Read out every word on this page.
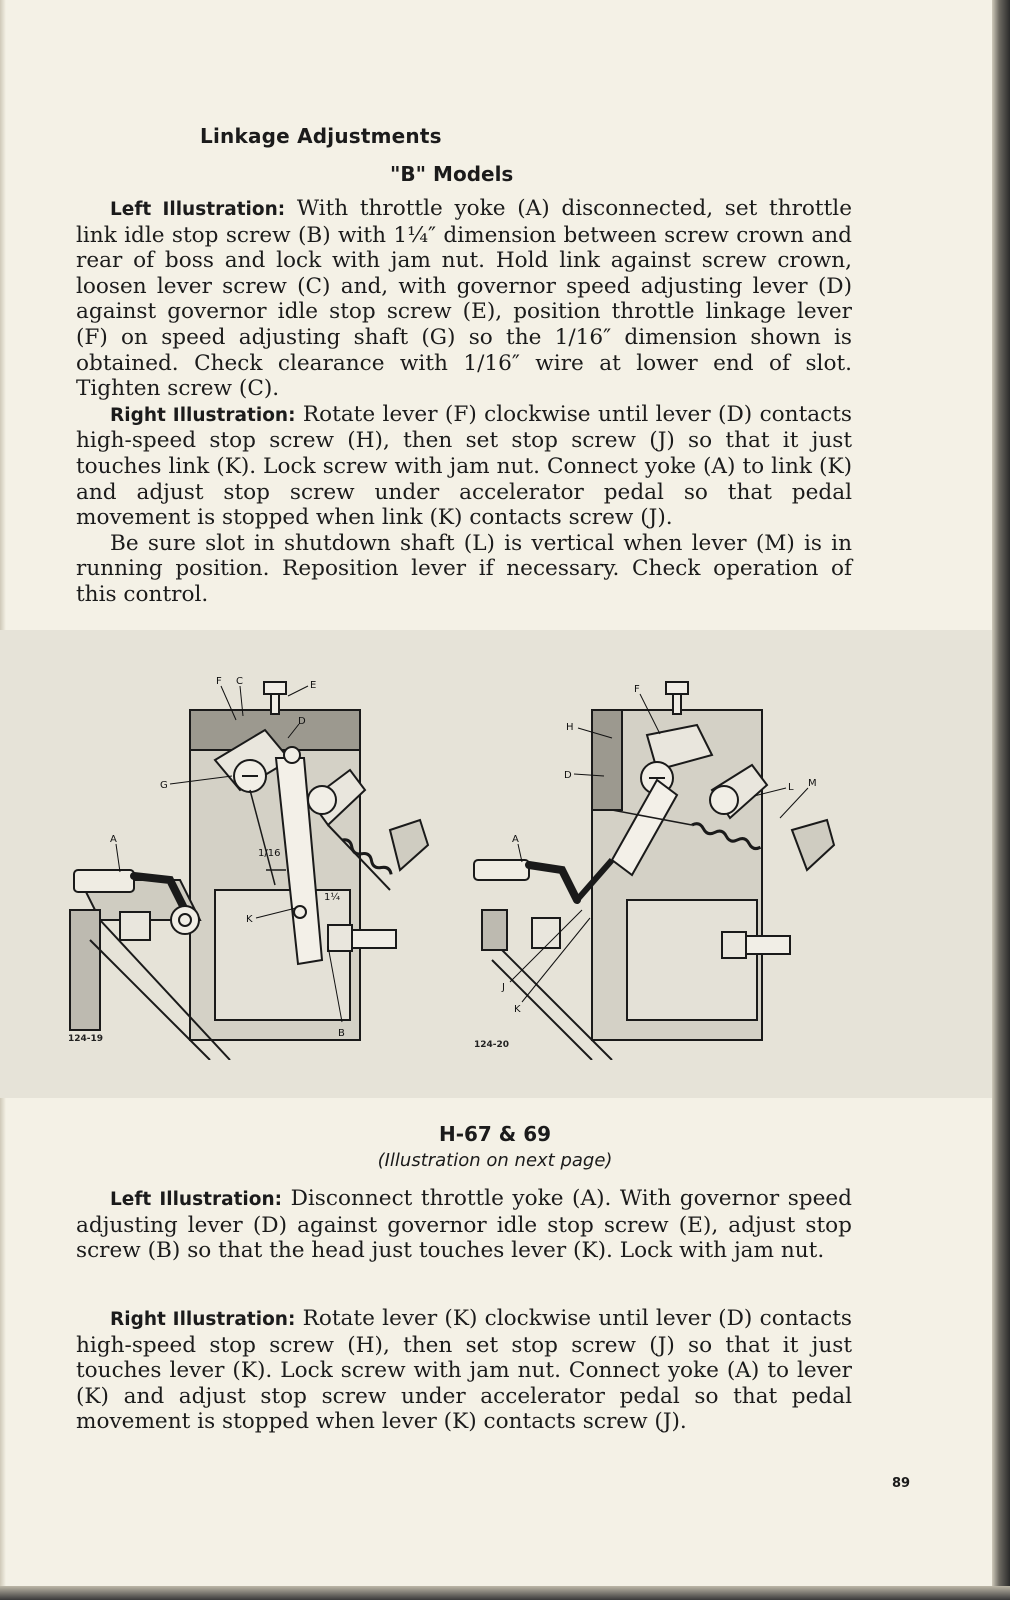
Linkage Adjustments
"B" Models

Left Illustration: With throttle yoke (A) disconnected, set throttle link idle stop screw (B) with 1¼″ dimension between screw crown and rear of boss and lock with jam nut. Hold link against screw crown, loosen lever screw (C) and, with governor speed adjusting lever (D) against governor idle stop screw (E), position throttle linkage lever (F) on speed adjusting shaft (G) so the 1/16″ dimension shown is obtained. Check clearance with 1/16″ wire at lower end of slot. Tighten screw (C).

Right Illustration: Rotate lever (F) clockwise until lever (D) contacts high-speed stop screw (H), then set stop screw (J) so that it just touches link (K). Lock screw with jam nut. Connect yoke (A) to link (K) and adjust stop screw under accelerator pedal so that pedal movement is stopped when link (K) contacts screw (J).

Be sure slot in shutdown shaft (L) is vertical when lever (M) is in running position. Reposition lever if necessary. Check operation of this control.

F C	E
D
G
A
K
B
1/16
1¼
124-19
F
H
D
L M
A
J
K
124-20
H-67 & 69
(Illustration on next page)

Left Illustration: Disconnect throttle yoke (A). With governor speed adjusting lever (D) against governor idle stop screw (E), adjust stop screw (B) so that the head just touches lever (K). Lock with jam nut.

Right Illustration: Rotate lever (K) clockwise until lever (D) contacts high-speed stop screw (H), then set stop screw (J) so that it just touches lever (K). Lock screw with jam nut. Connect yoke (A) to lever (K) and adjust stop screw under accelerator pedal so that pedal movement is stopped when lever (K) contacts screw (J).

89
